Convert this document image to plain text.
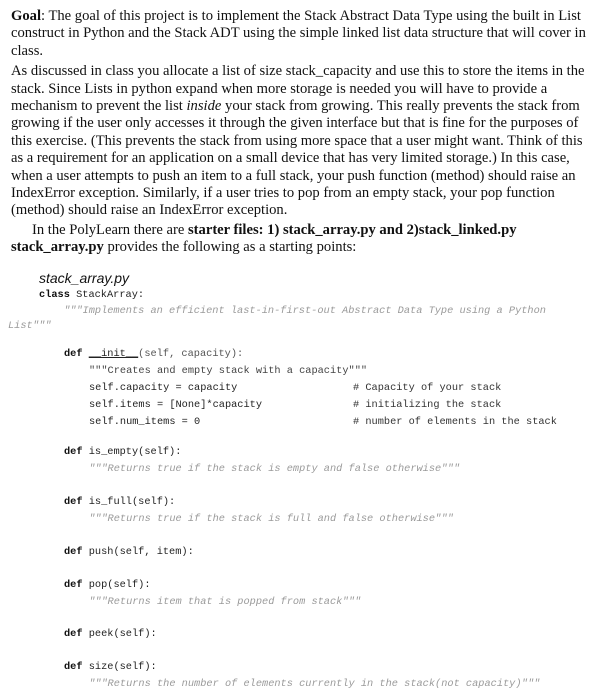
Goal: The goal of this project is to implement the Stack Abstract Data Type using the built in List construct in Python and the Stack ADT using the simple linked list data structure that will cover in class.

As discussed in class you allocate a list of size stack_capacity and use this to store the items in the stack. Since Lists in python expand when more storage is needed you will have to provide a mechanism to prevent the list inside your stack from growing. This really prevents the stack from growing if the user only accesses it through the given interface but that is fine for the purposes of this exercise. (This prevents the stack from using more space that a user might want. Think of this as a requirement for an application on a small device that has very limited storage.) In this case, when a user attempts to push an item to a full stack, your push function (method) should raise an IndexError exception. Similarly, if a user tries to pop from an empty stack, your pop function (method) should raise an IndexError exception.

In the PolyLearn there are starter files: 1) stack_array.py and 2)stack_linked.py
stack_array.py provides the following as a starting points:

stack_array.py
class StackArray:
"""Implements an efficient last-in-first-out Abstract Data Type using a Python
List"""
def __init__(self, capacity):
"""Creates and empty stack with a capacity"""
self.capacity = capacity	# Capacity of your stack
self.items = [None]*capacity	# initializing the stack
self.num_items = 0	# number of elements in the stack
def is_empty(self):
"""Returns true if the stack is empty and false otherwise"""
def is_full(self):
"""Returns true if the stack is full and false otherwise"""
def push(self, item):
def pop(self):
"""Returns item that is popped from stack"""
def peek(self):
def size(self):
"""Returns the number of elements currently in the stack(not capacity)"""
